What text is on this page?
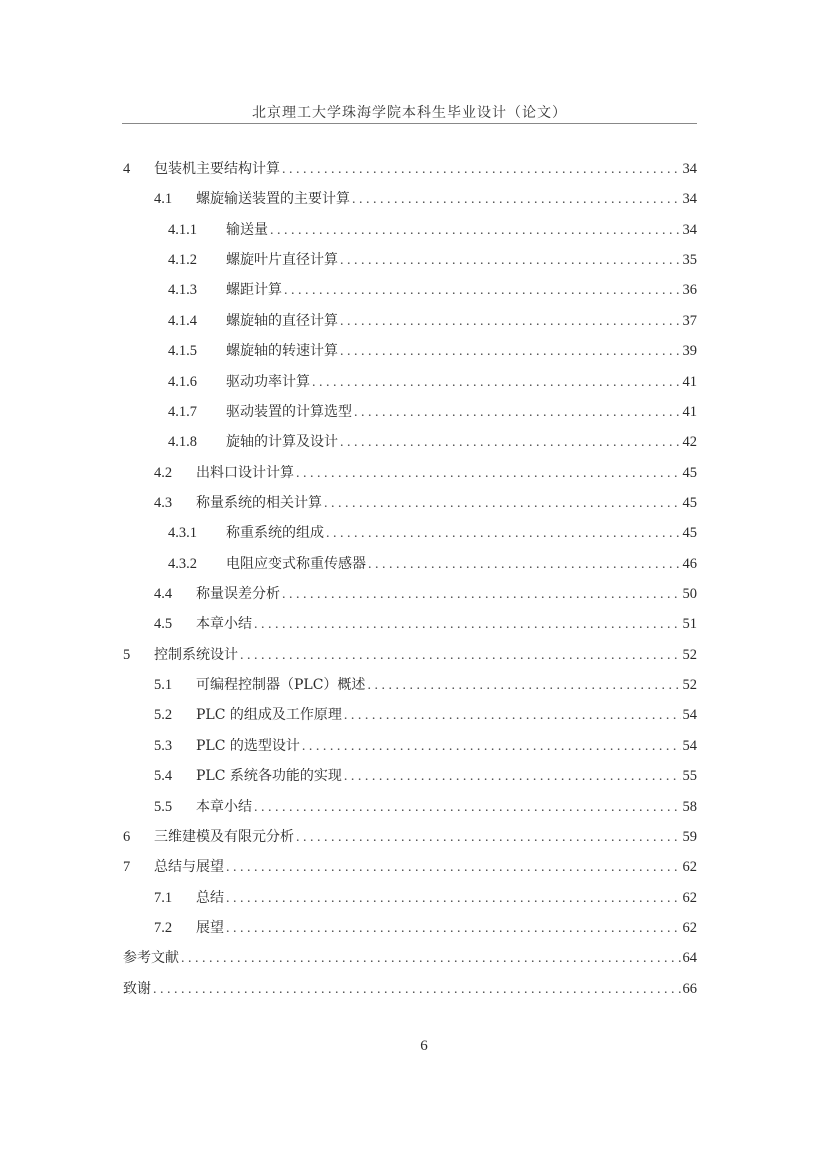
北京理工大学珠海学院本科生毕业设计（论文）
4	包装机主要结构计算 . . .	34
4.1	螺旋输送装置的主要计算 . . .	34
4.1.1	输送量 . . .	34
4.1.2	螺旋叶片直径计算 . . .	35
4.1.3	螺距计算 . . .	36
4.1.4	螺旋轴的直径计算 . . .	37
4.1.5	螺旋轴的转速计算 . . .	39
4.1.6	驱动功率计算 . . .	41
4.1.7	驱动装置的计算选型 . . .	41
4.1.8	旋轴的计算及设计 . . .	42
4.2	出料口设计计算 . . .	45
4.3	称量系统的相关计算 . . .	45
4.3.1	称重系统的组成 . . .	45
4.3.2	电阻应变式称重传感器 . . .	46
4.4	称量误差分析 . . .	50
4.5	本章小结 . . .	51
5	控制系统设计 . . .	52
5.1	可编程控制器（PLC）概述 . . .	52
5.2	PLC 的组成及工作原理 . . .	54
5.3	PLC 的选型设计 . . .	54
5.4	PLC 系统各功能的实现 . . .	55
5.5	本章小结 . . .	58
6	三维建模及有限元分析 . . .	59
7	总结与展望 . . .	62
7.1	总结 . . .	62
7.2	展望 . . .	62
参考文献 . . .	64
致谢 . . .	66
6
